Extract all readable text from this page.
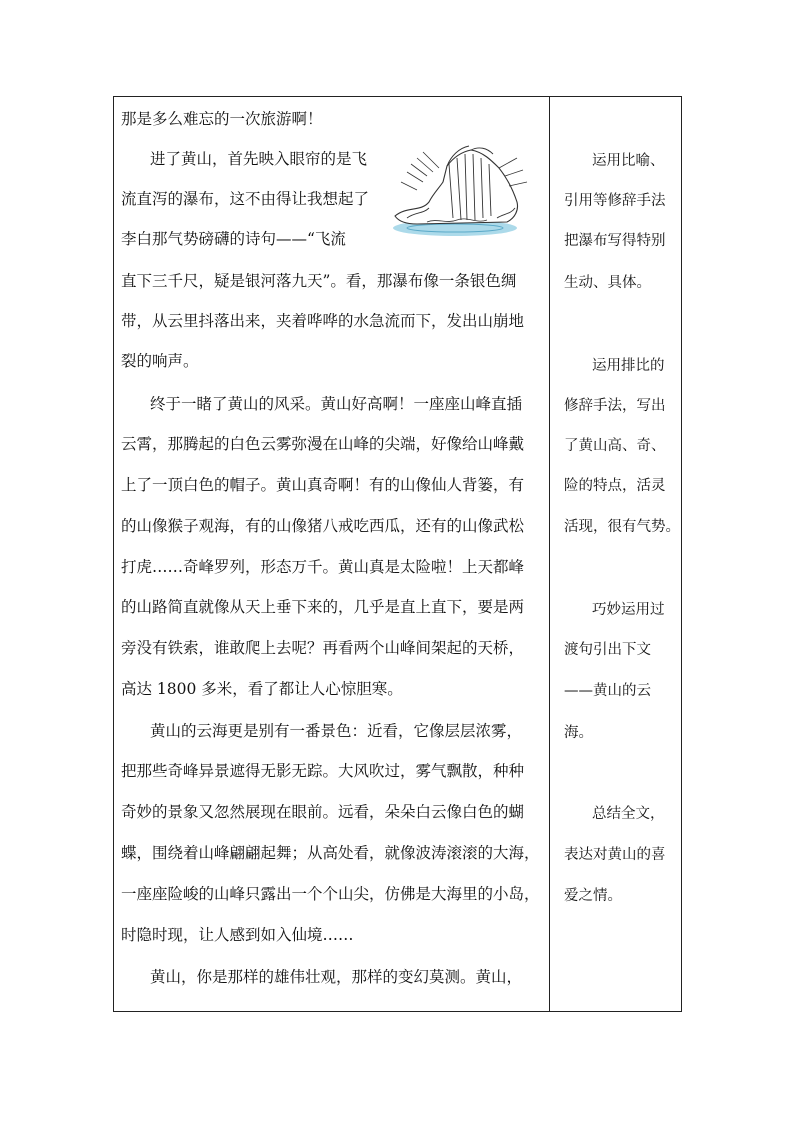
那是多么难忘的一次旅游啊！
进了黄山，首先映入眼帘的是飞
流直泻的瀑布，这不由得让我想起了
李白那气势磅礴的诗句——“飞流
直下三千尺，疑是银河落九天”。看，那瀑布像一条银色绸
带，从云里抖落出来，夹着哗哗的水急流而下，发出山崩地
裂的响声。
终于一睹了黄山的风采。黄山好高啊！一座座山峰直插
云霄，那腾起的白色云雾弥漫在山峰的尖端，好像给山峰戴
上了一顶白色的帽子。黄山真奇啊！有的山像仙人背篓，有
的山像猴子观海，有的山像猪八戒吃西瓜，还有的山像武松
打虎……奇峰罗列，形态万千。黄山真是太险啦！上天都峰
的山路简直就像从天上垂下来的，几乎是直上直下，要是两
旁没有铁索，谁敢爬上去呢？再看两个山峰间架起的天桥，
高达 1800 多米，看了都让人心惊胆寒。
黄山的云海更是别有一番景色：近看，它像层层浓雾，
把那些奇峰异景遮得无影无踪。大风吹过，雾气飘散，种种
奇妙的景象又忽然展现在眼前。远看，朵朵白云像白色的蝴
蝶，围绕着山峰翩翩起舞；从高处看，就像波涛滚滚的大海，
一座座险峻的山峰只露出一个个山尖，仿佛是大海里的小岛，
时隐时现，让人感到如入仙境……
黄山，你是那样的雄伟壮观，那样的变幻莫测。黄山，
运用比喻、
引用等修辞手法
把瀑布写得特别
生动、具体。
运用排比的
修辞手法，写出
了黄山高、奇、
险的特点，活灵
活现，很有气势。
巧妙运用过
渡句引出下文
——黄山的云
海。
总结全文，
表达对黄山的喜
爱之情。
